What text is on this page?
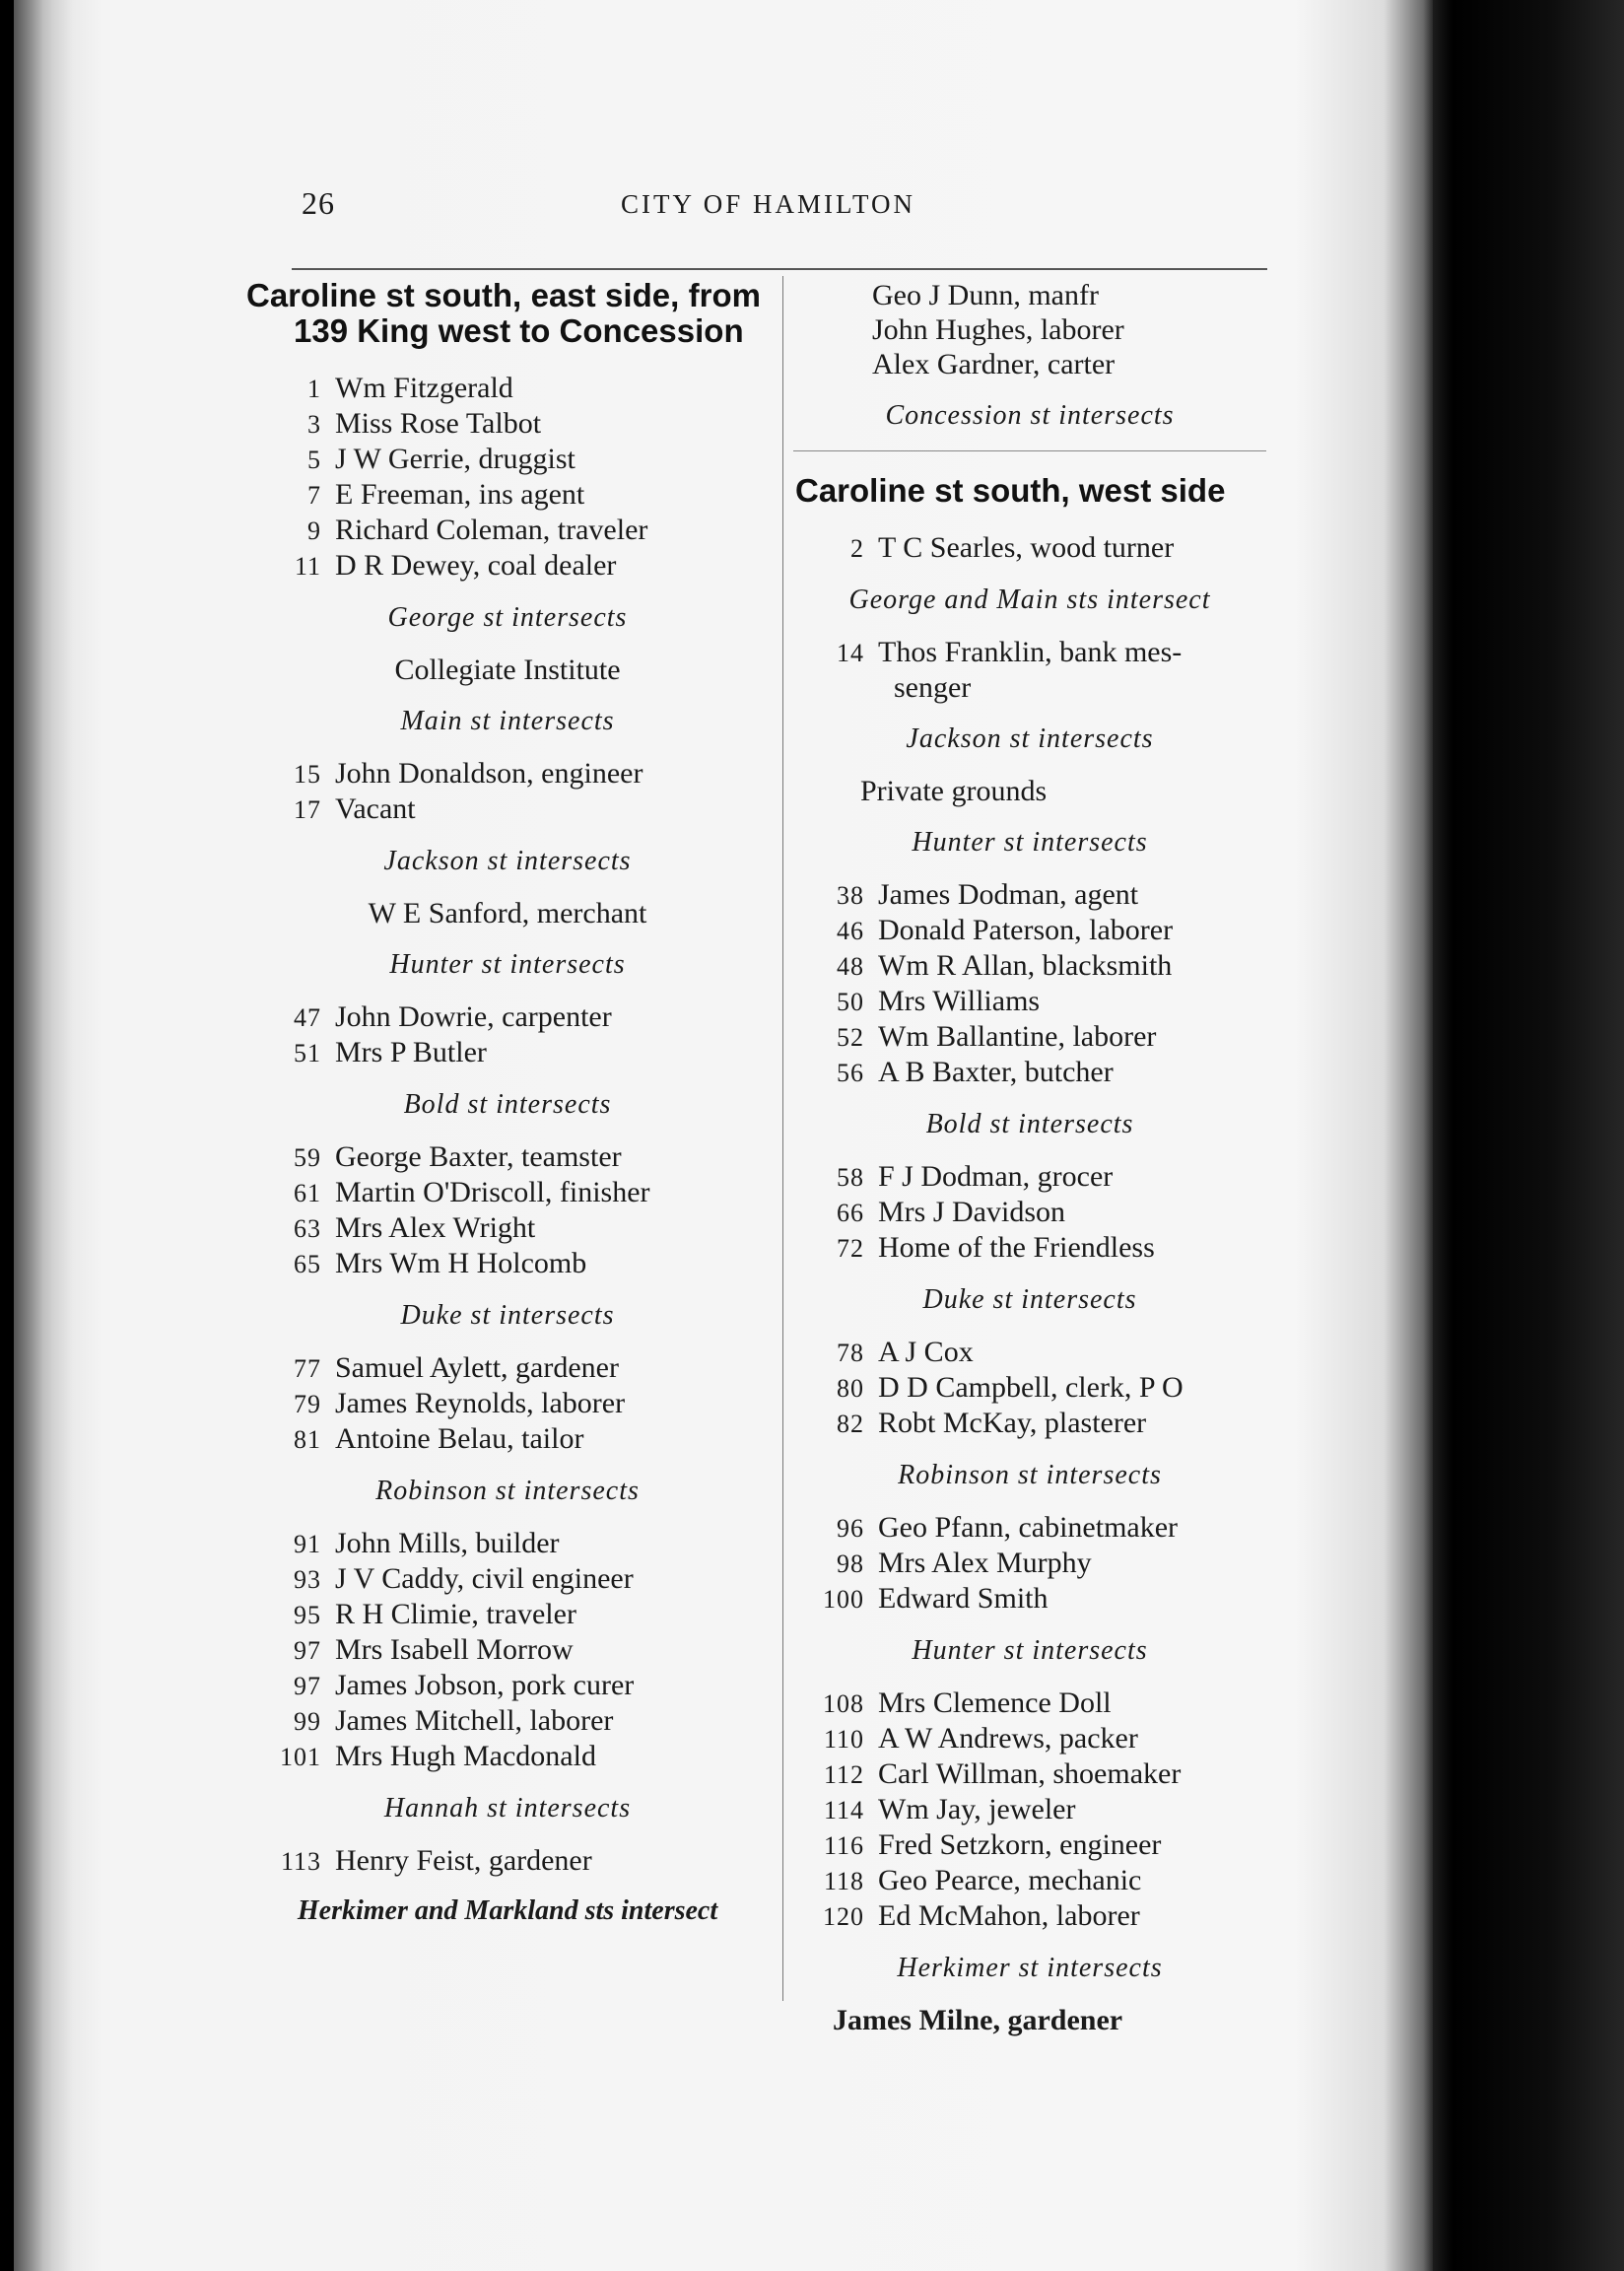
26	CITY OF HAMILTON
Caroline st south, east side, from 139 King west to Concession
1 Wm Fitzgerald
3 Miss Rose Talbot
5 J W Gerrie, druggist
7 E Freeman, ins agent
9 Richard Coleman, traveler
11 D R Dewey, coal dealer
George st intersects
Collegiate Institute
Main st intersects
15 John Donaldson, engineer
17 Vacant
Jackson st intersects
W E Sanford, merchant
Hunter st intersects
47 John Dowrie, carpenter
51 Mrs P Butler
Bold st intersects
59 George Baxter, teamster
61 Martin O'Driscoll, finisher
63 Mrs Alex Wright
65 Mrs Wm H Holcomb
Duke st intersects
77 Samuel Aylett, gardener
79 James Reynolds, laborer
81 Antoine Belau, tailor
Robinson st intersects
91 John Mills, builder
93 J V Caddy, civil engineer
95 R H Climie, traveler
97 Mrs Isabell Morrow
97 James Jobson, pork curer
99 James Mitchell, laborer
101 Mrs Hugh Macdonald
Hannah st intersects
113 Henry Feist, gardener
Herkimer and Markland sts intersect
Geo J Dunn, manfr
John Hughes, laborer
Alex Gardner, carter
Concession st intersects
Caroline st south, west side
2 T C Searles, wood turner
George and Main sts intersect
14 Thos Franklin, bank mes-
senger
Jackson st intersects
Private grounds
Hunter st intersects
38 James Dodman, agent
46 Donald Paterson, laborer
48 Wm R Allan, blacksmith
50 Mrs Williams
52 Wm Ballantine, laborer
56 A B Baxter, butcher
Bold st intersects
58 F J Dodman, grocer
66 Mrs J Davidson
72 Home of the Friendless
Duke st intersects
78 A J Cox
80 D D Campbell, clerk, P O
82 Robt McKay, plasterer
Robinson st intersects
96 Geo Pfann, cabinetmaker
98 Mrs Alex Murphy
100 Edward Smith
Hunter st intersects
108 Mrs Clemence Doll
110 A W Andrews, packer
112 Carl Willman, shoemaker
114 Wm Jay, jeweler
116 Fred Setzkorn, engineer
118 Geo Pearce, mechanic
120 Ed McMahon, laborer
Herkimer st intersects
James Milne, gardener
